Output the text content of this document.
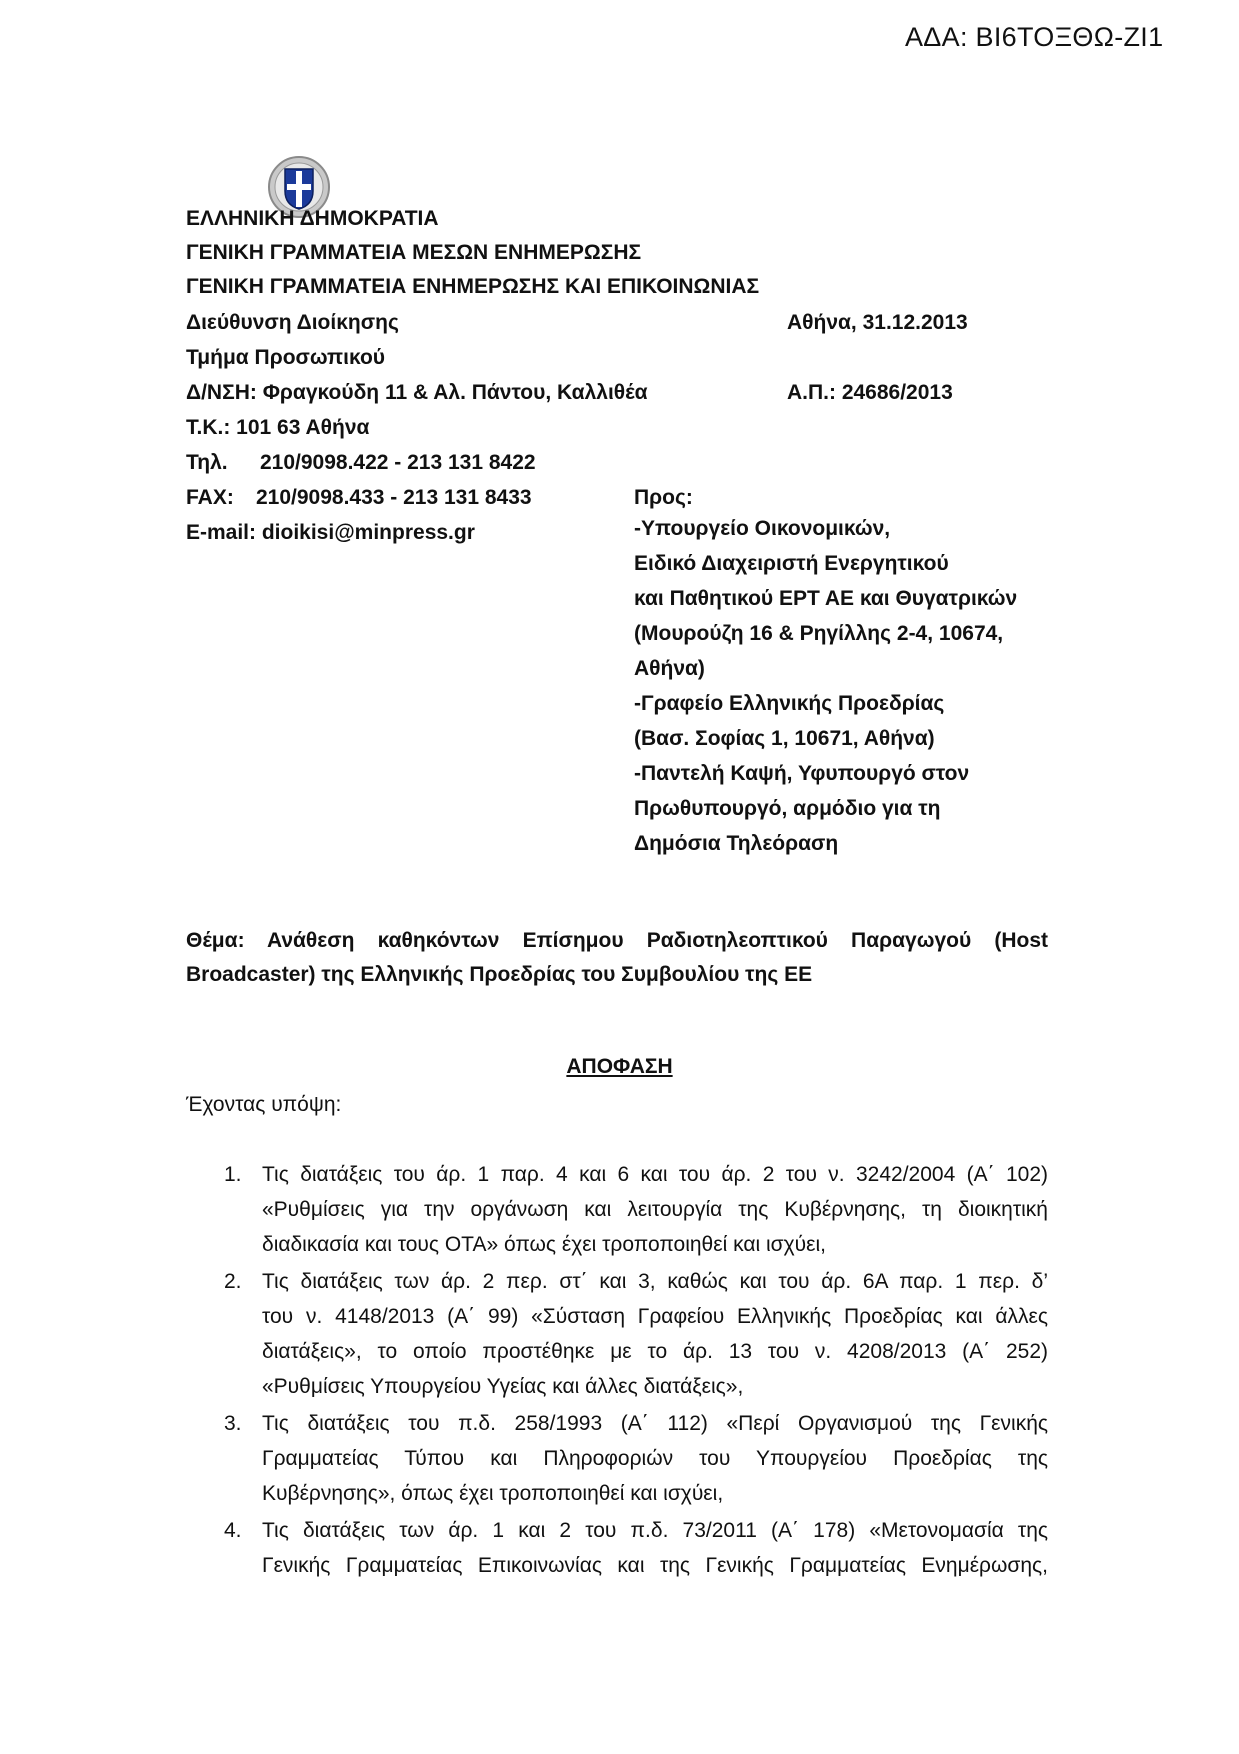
ΑΔΑ: ΒΙ6ΤΟΞΘΩ-ΖΙ1
ΕΛΛΗΝΙΚΗ ΔΗΜΟΚΡΑΤΙΑ
ΓΕΝΙΚΗ ΓΡΑΜΜΑΤΕΙΑ ΜΕΣΩΝ ΕΝΗΜΕΡΩΣΗΣ
ΓΕΝΙΚΗ ΓΡΑΜΜΑΤΕΙΑ ΕΝΗΜΕΡΩΣΗΣ ΚΑΙ ΕΠΙΚΟΙΝΩΝΙΑΣ
Διεύθυνση Διοίκησης	Αθήνα, 31.12.2013
Τμήμα Προσωπικού
Δ/ΝΣΗ: Φραγκούδη 11 & Αλ. Πάντου, Καλλιθέα	Α.Π.: 24686/2013
Τ.Κ.: 101 63 Αθήνα
Τηλ. 210/9098.422 - 213 131 8422
FAX: 210/9098.433 - 213 131 8433	Προς:
E-mail: dioikisi@minpress.gr	-Υπουργείο Οικονομικών,
Ειδικό Διαχειριστή Ενεργητικού
και Παθητικού ΕΡΤ ΑΕ και Θυγατρικών
(Μουρούζη 16 & Ρηγίλλης 2-4, 10674,
Αθήνα)
-Γραφείο Ελληνικής Προεδρίας
(Βασ. Σοφίας 1, 10671, Αθήνα)
-Παντελή Καψή, Υφυπουργό στον
Πρωθυπουργό, αρμόδιο για τη
Δημόσια Τηλεόραση
Θέμα: Ανάθεση καθηκόντων Επίσημου Ραδιοτηλεοπτικού Παραγωγού (Host
Broadcaster) της Ελληνικής Προεδρίας του Συμβουλίου της ΕΕ
ΑΠΟΦΑΣΗ
Έχοντας υπόψη:
1. Τις διατάξεις του άρ. 1 παρ. 4 και 6 και του άρ. 2 του ν. 3242/2004 (Α΄ 102)
«Ρυθμίσεις για την οργάνωση και λειτουργία της Κυβέρνησης, τη διοικητική
διαδικασία και τους ΟΤΑ» όπως έχει τροποποιηθεί και ισχύει,
2. Τις διατάξεις των άρ. 2 περ. στ΄ και 3, καθώς και του άρ. 6Α παρ. 1 περ. δ’
του ν. 4148/2013 (Α΄ 99) «Σύσταση Γραφείου Ελληνικής Προεδρίας και άλλες
διατάξεις», το οποίο προστέθηκε με το άρ. 13 του ν. 4208/2013 (Α΄ 252)
«Ρυθμίσεις Υπουργείου Υγείας και άλλες διατάξεις»,
3. Τις διατάξεις του π.δ. 258/1993 (Α΄ 112) «Περί Οργανισμού της Γενικής
Γραμματείας Τύπου και Πληροφοριών του Υπουργείου Προεδρίας της
Κυβέρνησης», όπως έχει τροποποιηθεί και ισχύει,
4. Τις διατάξεις των άρ. 1 και 2 του π.δ. 73/2011 (Α΄ 178) «Μετονομασία της
Γενικής Γραμματείας Επικοινωνίας και της Γενικής Γραμματείας Ενημέρωσης,
